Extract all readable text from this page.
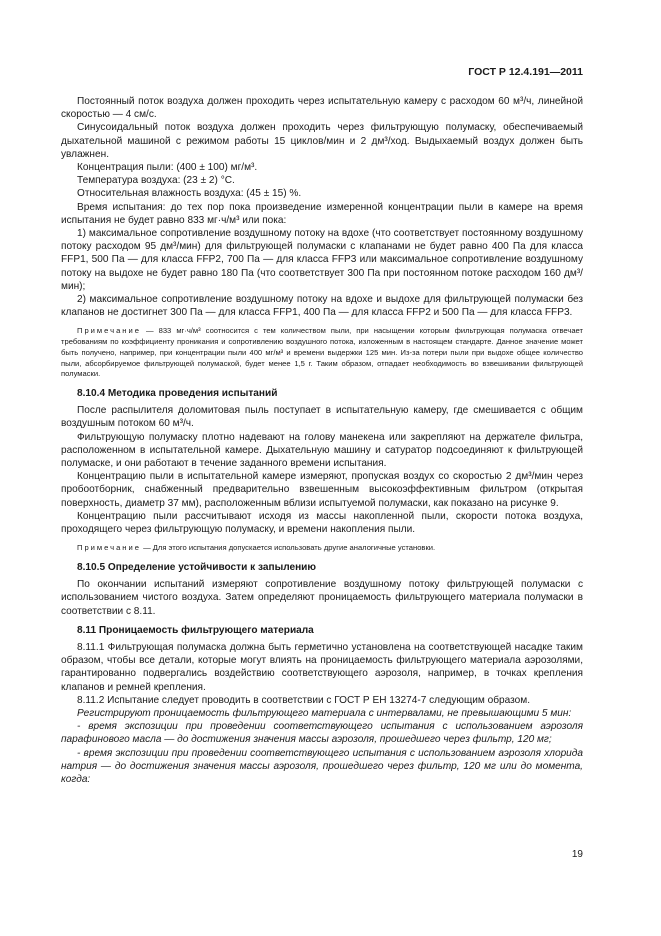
ГОСТ Р 12.4.191—2011

Постоянный поток воздуха должен проходить через испытательную камеру с расходом 60 м³/ч, линейной скоростью — 4 см/с.

Синусоидальный поток воздуха должен проходить через фильтрующую полумаску, обеспечиваемый дыхательной машиной с режимом работы 15 циклов/мин и 2 дм³/ход. Выдыхаемый воздух должен быть увлажнен.

Концентрация пыли: (400 ± 100) мг/м³.

Температура воздуха: (23 ± 2) °С.

Относительная влажность воздуха: (45 ± 15) %.

Время испытания: до тех пор пока произведение измеренной концентрации пыли в камере на время испытания не будет равно 833 мг·ч/м³ или пока:

1) максимальное сопротивление воздушному потоку на вдохе (что соответствует постоянному воздушному потоку расходом 95 дм³/мин) для фильтрующей полумаски с клапанами не будет равно 400 Па для класса FFP1, 500 Па — для класса FFP2, 700 Па — для класса FFP3 или максимальное сопротивление воздушному потоку на выдохе не будет равно 180 Па (что соответствует 300 Па при постоянном потоке расходом 160 дм³/мин);

2) максимальное сопротивление воздушному потоку на вдохе и выдохе для фильтрующей полумаски без клапанов не достигнет 300 Па — для класса FFP1, 400 Па — для класса FFP2 и 500 Па — для класса FFP3.

Примечание — 833 мг·ч/м³ соотносится с тем количеством пыли, при насыщении которым фильтрующая полумаска отвечает требованиям по коэффициенту проникания и сопротивлению воздушного потока, изложенным в настоящем стандарте. Данное значение может быть получено, например, при концентрации пыли 400 мг/м³ и времени выдержки 125 мин. Из-за потери пыли при выдохе общее количество пыли, абсорбируемое фильтрующей полумаской, будет менее 1,5 г. Таким образом, отпадает необходимость во взвешивании фильтрующей полумаски.

8.10.4 Методика проведения испытаний

После распылителя доломитовая пыль поступает в испытательную камеру, где смешивается с общим воздушным потоком 60 м³/ч.

Фильтрующую полумаску плотно надевают на голову манекена или закрепляют на держателе фильтра, расположенном в испытательной камере. Дыхательную машину и сатуратор подсоединяют к фильтрующей полумаске, и они работают в течение заданного времени испытания.

Концентрацию пыли в испытательной камере измеряют, пропуская воздух со скоростью 2 дм³/мин через пробоотборник, снабженный предварительно взвешенным высокоэффективным фильтром (открытая поверхность, диаметр 37 мм), расположенным вблизи испытуемой полумаски, как показано на рисунке 9.

Концентрацию пыли рассчитывают исходя из массы накопленной пыли, скорости потока воздуха, проходящего через фильтрующую полумаску, и времени накопления пыли.

Примечание — Для этого испытания допускается использовать другие аналогичные установки.

8.10.5 Определение устойчивости к запылению

По окончании испытаний измеряют сопротивление воздушному потоку фильтрующей полумаски с использованием чистого воздуха. Затем определяют проницаемость фильтрующего материала полумаски в соответствии с 8.11.

8.11 Проницаемость фильтрующего материала

8.11.1 Фильтрующая полумаска должна быть герметично установлена на соответствующей насадке таким образом, чтобы все детали, которые могут влиять на проницаемость фильтрующего материала аэрозолями, гарантированно подвергались воздействию соответствующего аэрозоля, например, в точках крепления клапанов и ремней крепления.

8.11.2 Испытание следует проводить в соответствии с ГОСТ Р ЕН 13274-7 следующим образом.

Регистрируют проницаемость фильтрующего материала с интервалами, не превышающими 5 мин:

- время экспозиции при проведении соответствующего испытания с использованием аэрозоля парафинового масла — до достижения значения массы аэрозоля, прошедшего через фильтр, 120 мг;

- время экспозиции при проведении соответствующего испытания с использованием аэрозоля хлорида натрия — до достижения значения массы аэрозоля, прошедшего через фильтр, 120 мг или до момента, когда:

19
